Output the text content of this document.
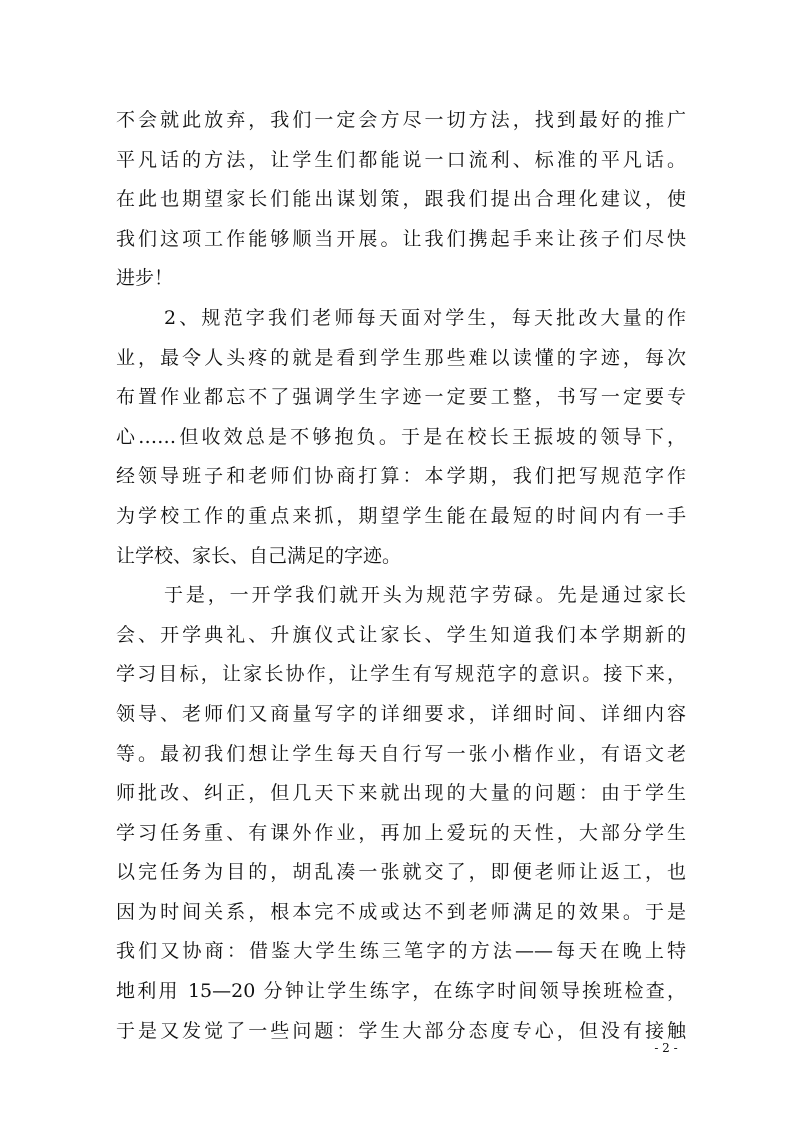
不会就此放弃，我们一定会方尽一切方法，找到最好的推广
平凡话的方法，让学生们都能说一口流利、标准的平凡话。
在此也期望家长们能出谋划策，跟我们提出合理化建议，使
我们这项工作能够顺当开展。让我们携起手来让孩子们尽快
进步！
2、规范字我们老师每天面对学生，每天批改大量的作
业，最令人头疼的就是看到学生那些难以读懂的字迹，每次
布置作业都忘不了强调学生字迹一定要工整，书写一定要专
心……但收效总是不够抱负。于是在校长王振坡的领导下，
经领导班子和老师们协商打算：本学期，我们把写规范字作
为学校工作的重点来抓，期望学生能在最短的时间内有一手
让学校、家长、自己满足的字迹。
于是，一开学我们就开头为规范字劳碌。先是通过家长
会、开学典礼、升旗仪式让家长、学生知道我们本学期新的
学习目标，让家长协作，让学生有写规范字的意识。接下来，
领导、老师们又商量写字的详细要求，详细时间、详细内容
等。最初我们想让学生每天自行写一张小楷作业，有语文老
师批改、纠正，但几天下来就出现的大量的问题：由于学生
学习任务重、有课外作业，再加上爱玩的天性，大部分学生
以完任务为目的，胡乱凑一张就交了，即便老师让返工，也
因为时间关系，根本完不成或达不到老师满足的效果。于是
我们又协商：借鉴大学生练三笔字的方法——每天在晚上特
地利用 15—20 分钟让学生练字，在练字时间领导挨班检查，
于是又发觉了一些问题：学生大部分态度专心，但没有接触
- 2 -
